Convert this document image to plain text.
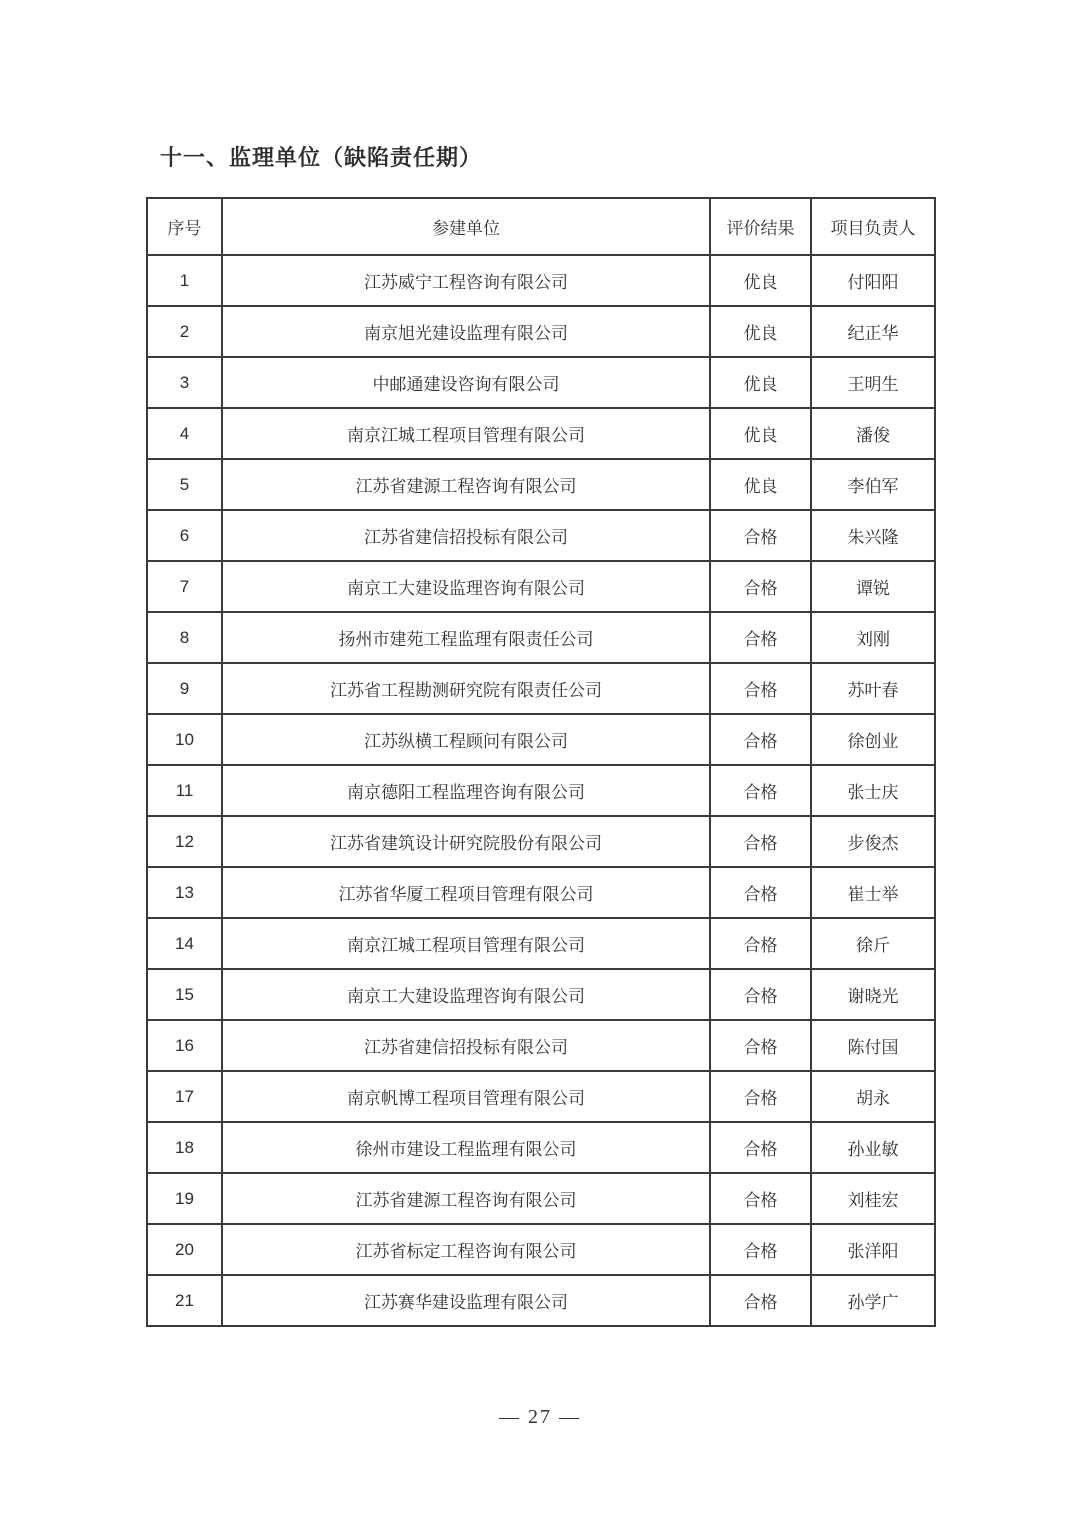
十一、监理单位（缺陷责任期）
序号	参建单位	评价结果	项目负责人
1	江苏威宁工程咨询有限公司	优良	付阳阳
2	南京旭光建设监理有限公司	优良	纪正华
3	中邮通建设咨询有限公司	优良	王明生
4	南京江城工程项目管理有限公司	优良	潘俊
5	江苏省建源工程咨询有限公司	优良	李伯军
6	江苏省建信招投标有限公司	合格	朱兴隆
7	南京工大建设监理咨询有限公司	合格	谭锐
8	扬州市建苑工程监理有限责任公司	合格	刘刚
9	江苏省工程勘测研究院有限责任公司	合格	苏叶春
10	江苏纵横工程顾问有限公司	合格	徐创业
11	南京德阳工程监理咨询有限公司	合格	张士庆
12	江苏省建筑设计研究院股份有限公司	合格	步俊杰
13	江苏省华厦工程项目管理有限公司	合格	崔士举
14	南京江城工程项目管理有限公司	合格	徐斤
15	南京工大建设监理咨询有限公司	合格	谢晓光
16	江苏省建信招投标有限公司	合格	陈付国
17	南京帆博工程项目管理有限公司	合格	胡永
18	徐州市建设工程监理有限公司	合格	孙业敏
19	江苏省建源工程咨询有限公司	合格	刘桂宏
20	江苏省标定工程咨询有限公司	合格	张洋阳
21	江苏赛华建设监理有限公司	合格	孙学广
— 27 —
